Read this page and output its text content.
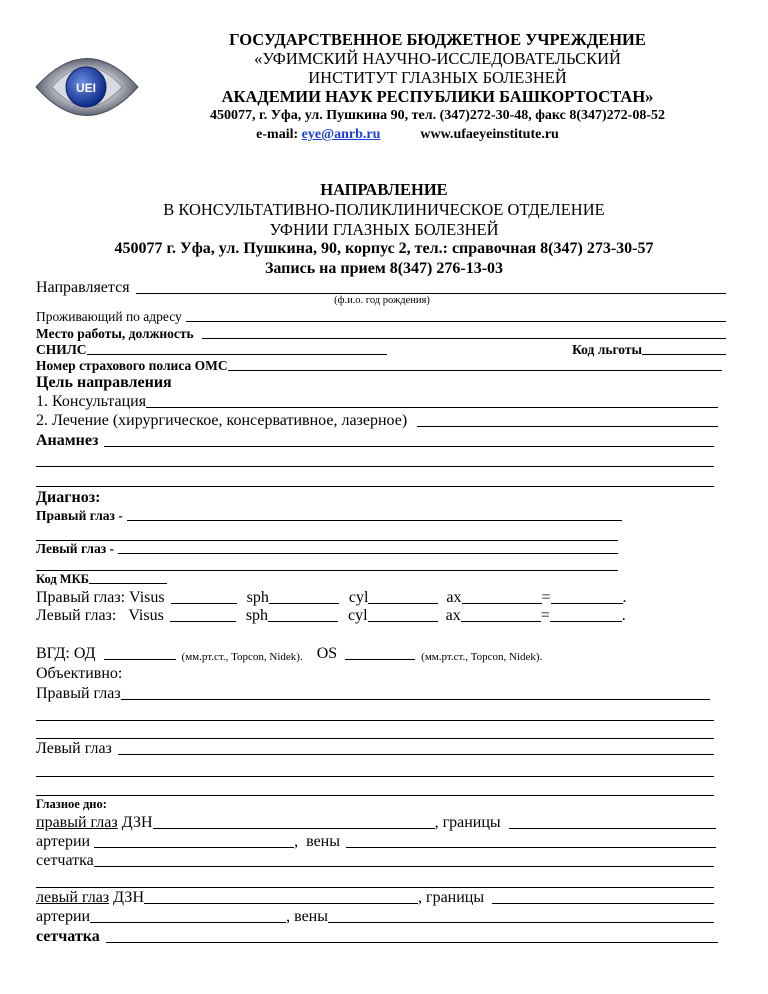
UEI
ГОСУДАРСТВЕННОЕ БЮДЖЕТНОЕ УЧРЕЖДЕНИЕ
«УФИМСКИЙ НАУЧНО-ИССЛЕДОВАТЕЛЬСКИЙ
ИНСТИТУТ ГЛАЗНЫХ БОЛЕЗНЕЙ
АКАДЕМИИ НАУК РЕСПУБЛИКИ БАШКОРТОСТАН»
450077, г. Уфа, ул. Пушкина 90, тел. (347)272-30-48, факс 8(347)272-08-52
e-mail: eye@anrb.ru	www.ufaeyeinstitute.ru
НАПРАВЛЕНИЕ
В КОНСУЛЬТАТИВНО-ПОЛИКЛИНИЧЕСКОЕ ОТДЕЛЕНИЕ
УФНИИ ГЛАЗНЫХ БОЛЕЗНЕЙ
450077 г. Уфа, ул. Пушкина, 90, корпус 2, тел.: справочная 8(347) 273-30-57
Запись на прием 8(347) 276-13-03
Направляется
(ф.и.о. год рождения)
Проживающий по адресу
Место работы, должность
СНИЛС	Код льготы
Номер страхового полиса ОМС
Цель направления
1. Консультация
2. Лечение (хирургическое, консервативное, лазерное)
Анамнез
Диагноз:
Правый глаз -
Левый глаз -
Код МКБ
Правый глаз: Visus	sph	cyl	ax	=	.
Левый глаз:   Visus	sph	cyl	ax	=	.
ВГД: ОД	(мм.рт.ст., Topcon, Nidek) . OS	(мм.рт.ст., Topcon, Nidek) .
Объективно:
Правый глаз
Левый глаз
Глазное дно:
правый глаз ДЗН	, границы
артерии	,  вены
сетчатка
левый глаз ДЗН	, границы
артерии	, вены
сетчатка
